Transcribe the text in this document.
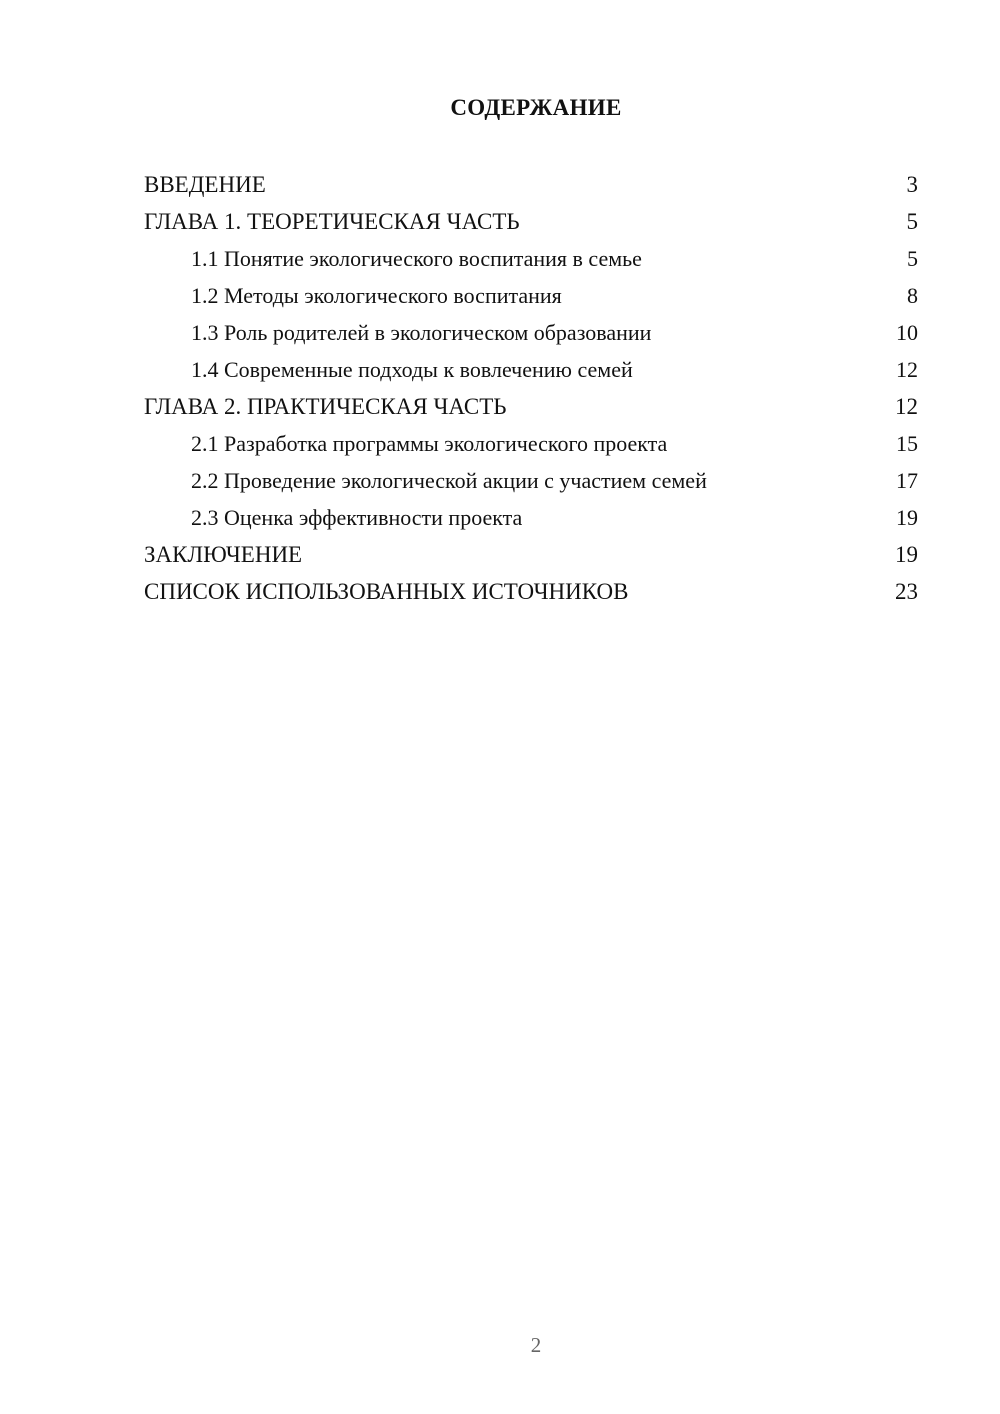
СОДЕРЖАНИЕ
ВВЕДЕНИЕ	3
ГЛАВА 1. ТЕОРЕТИЧЕСКАЯ ЧАСТЬ	5
1.1 Понятие экологического воспитания в семье	5
1.2 Методы экологического воспитания	8
1.3 Роль родителей в экологическом образовании	10
1.4 Современные подходы к вовлечению семей	12
ГЛАВА 2. ПРАКТИЧЕСКАЯ ЧАСТЬ	12
2.1 Разработка программы экологического проекта	15
2.2 Проведение экологической акции с участием семей	17
2.3 Оценка эффективности проекта	19
ЗАКЛЮЧЕНИЕ	19
СПИСОК ИСПОЛЬЗОВАННЫХ ИСТОЧНИКОВ	23
2
